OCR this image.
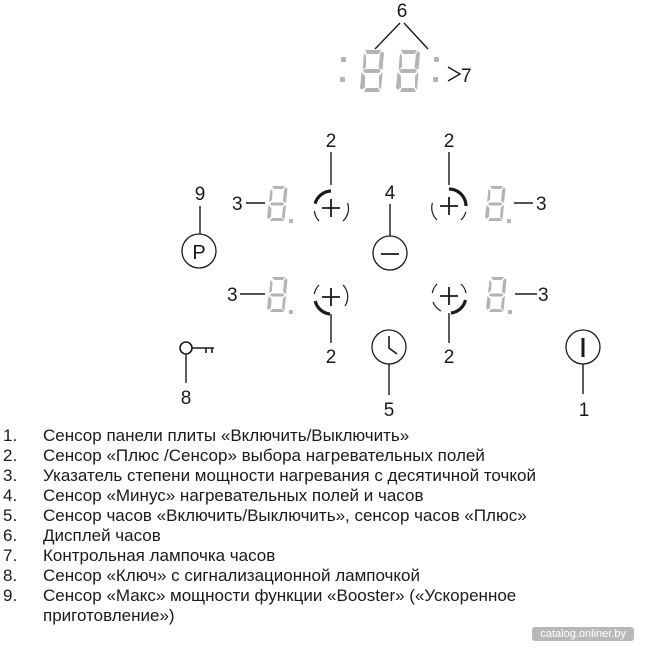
6
7
3
2	2
3
4
9
P
3
2	2
3
5	1
8
1. Сенсор панели плиты «Включить/Выключить»
2. Сенсор «Плюс /Сенсор» выбора нагревательных полей
3. Указатель степени мощности нагревания с десятичной точкой
4. Сенсор «Минус» нагревательных полей и часов
5. Сенсор часов «Включить/Выключить», сенсор часов «Плюс»
6. Дисплей часов
7. Контрольная лампочка часов
8. Сенсор «Ключ» с сигнализационной лампочкой
9. Сенсор «Макс» мощности функции «Booster» («Ускоренное
приготовление»)
catalog.onliner.by
